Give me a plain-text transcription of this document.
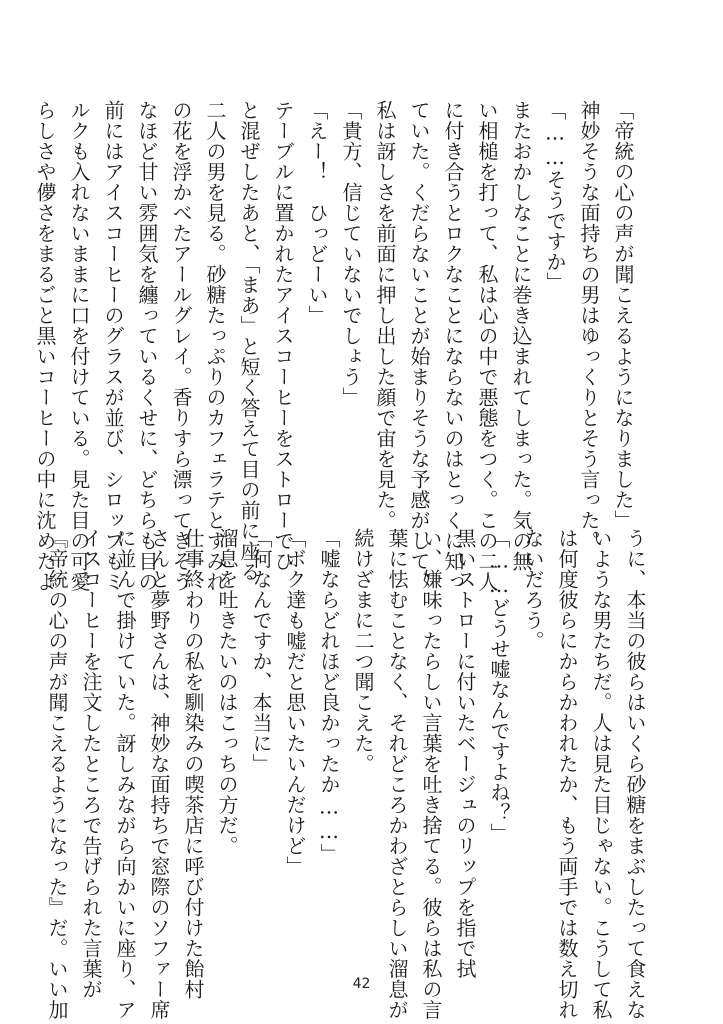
「帝統の心の声が聞こえるようになりました」
神妙そうな面持ちの男はゆっくりとそう言った。
「……そうですか」
またおかしなことに巻き込まれてしまった。気の無
い相槌を打って、私は心の中で悪態をつく。この二人
に付き合うとロクなことにならないのはとっくに知っ
ていた。くだらないことが始まりそうな予感がして、
私は訝しさを前面に押し出した顔で宙を見た。
「貴方、信じていないでしょう」
「えー！　ひっどーい」
テーブルに置かれたアイスコーヒーをストローでひ
と混ぜしたあと、「まあ」と短く答えて目の前に座る
二人の男を見る。砂糖たっぷりのカフェラテとすみれ
の花を浮かべたアールグレイ。香りすら漂ってきそう
なほど甘い雰囲気を纏っているくせに、どちらも目の
前にはアイスコーヒーのグラスが並び、シロップもミ
ルクも入れないままに口を付けている。見た目の可愛
らしさや儚さをまるごと黒いコーヒーの中に沈めたよ
うに、本当の彼らはいくら砂糖をまぶしたって食えな
いような男たちだ。人は見た目じゃない。こうして私
は何度彼らにからかわれたか、もう両手では数え切れ
ないだろう。
「……どうせ嘘なんですよね？」
黒いストローに付いたベージュのリップを指で拭
い、嫌味ったらしい言葉を吐き捨てる。彼らは私の言
葉に怯むことなく、それどころかわざとらしい溜息が
続けざまに二つ聞こえた。
「嘘ならどれほど良かったか……」
「ボク達も嘘だと思いたいんだけど」
「何なんですか、本当に」
溜息を吐きたいのはこっちの方だ。
仕事終わりの私を馴染みの喫茶店に呼び付けた飴村
さんと夢野さんは、神妙な面持ちで窓際のソファー席
に並んで掛けていた。訝しみながら向かいに座り、ア
イスコーヒーを注文したところで告げられた言葉が
『帝統の心の声が聞こえるようになった』だ。いい加	42
